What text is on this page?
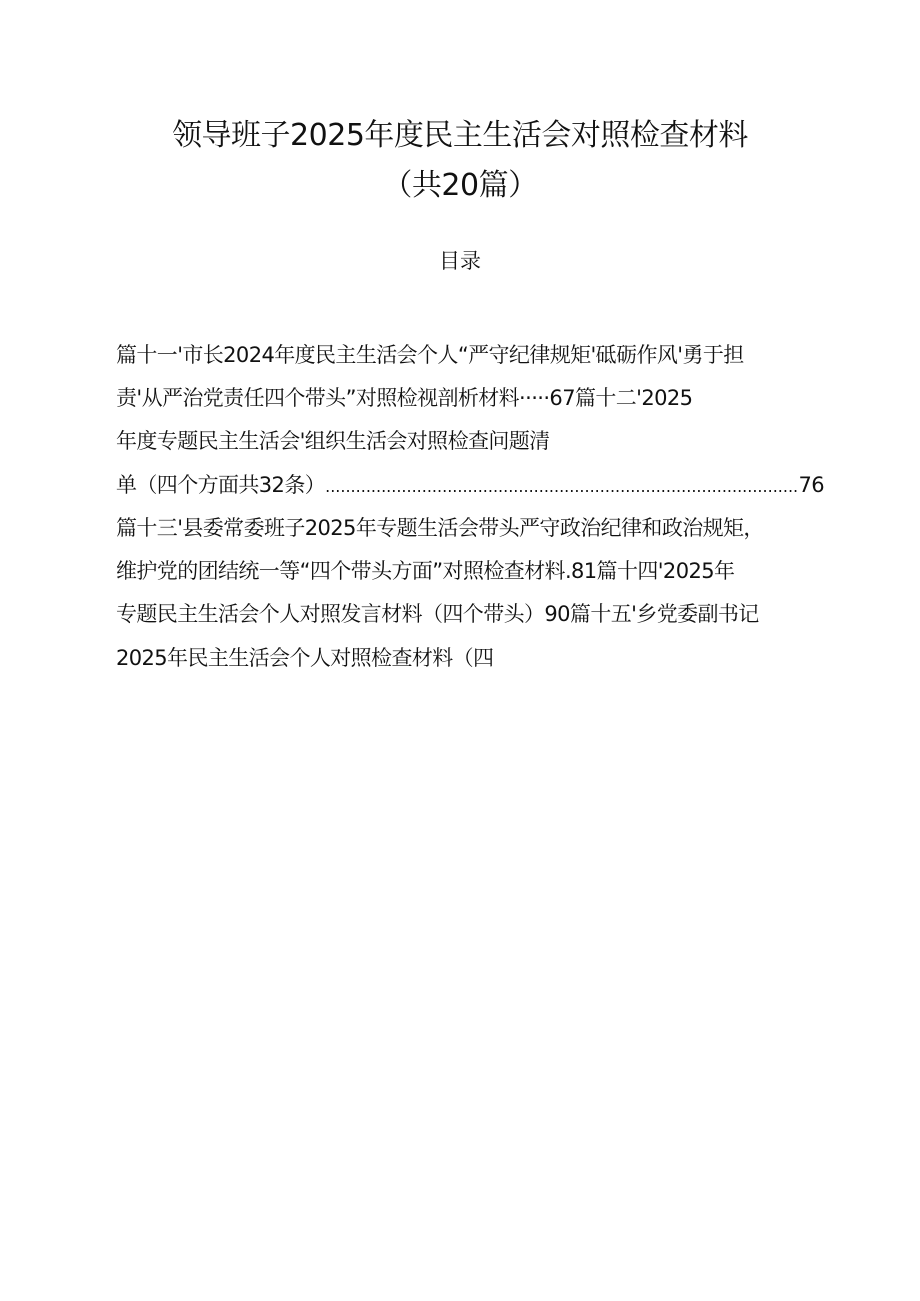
领导班子2025年度民主生活会对照检查材料
（共20篇）
目录
篇十一'市长2024年度民主生活会个人“严守纪律规矩'砥砺作风'勇于担
责'从严治党责任四个带头”对照检视剖析材料·····67篇十二'2025
年度专题民主生活会'组织生活会对照检查问题清
单（四个方面共32条）
.....	76
篇十三'县委常委班子2025年专题生活会带头严守政治纪律和政治规矩，
维护党的团结统一等“四个带头方面”对照检查材料.81篇十四'2025年
专题民主生活会个人对照发言材料（四个带头）90篇十五'乡党委副书记
2025年民主生活会个人对照检查材料（四
